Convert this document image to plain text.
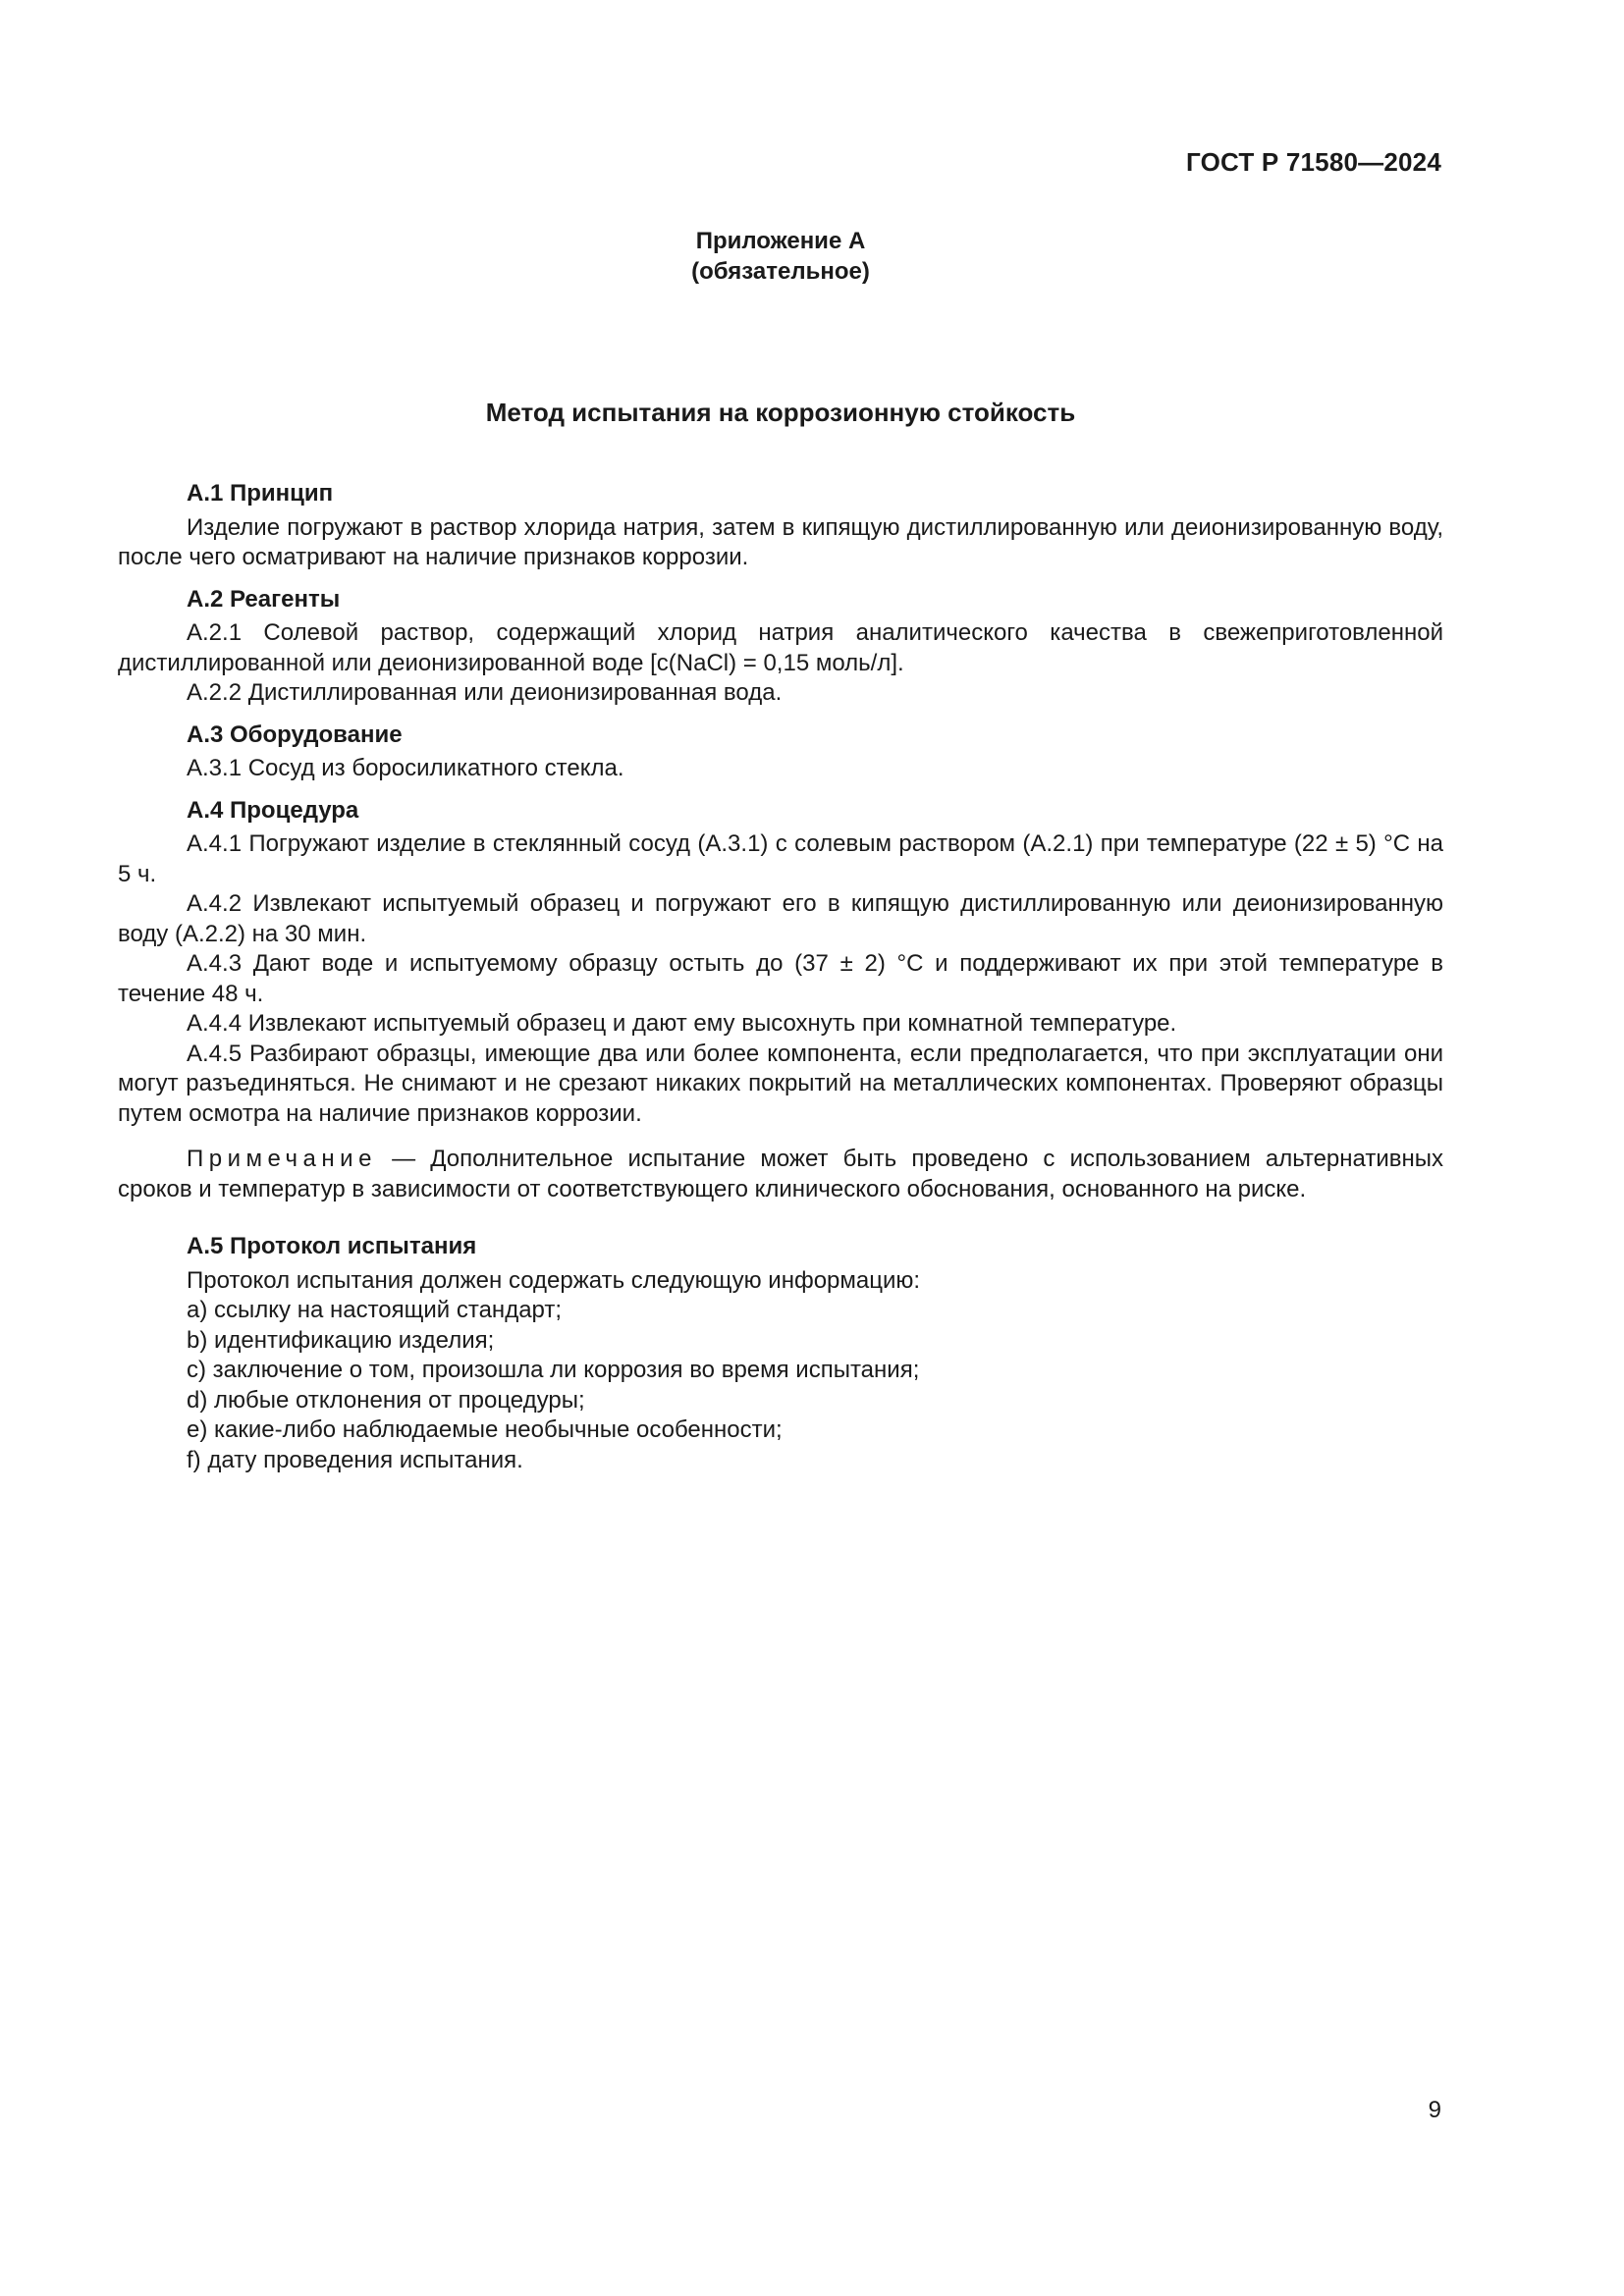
ГОСТ Р 71580—2024
Приложение А
(обязательное)
Метод испытания на коррозионную стойкость
А.1 Принцип

Изделие погружают в раствор хлорида натрия, затем в кипящую дистиллированную или деионизированную воду, после чего осматривают на наличие признаков коррозии.

А.2 Реагенты

А.2.1 Солевой раствор, содержащий хлорид натрия аналитического качества в свежеприготовленной дистиллированной или деионизированной воде [c(NaCl) = 0,15 моль/л].

А.2.2 Дистиллированная или деионизированная вода.

А.3 Оборудование

А.3.1 Сосуд из боросиликатного стекла.

А.4 Процедура

А.4.1 Погружают изделие в стеклянный сосуд (А.3.1) с солевым раствором (А.2.1) при температуре (22 ± 5) °С на 5 ч.

А.4.2 Извлекают испытуемый образец и погружают его в кипящую дистиллированную или деионизированную воду (А.2.2) на 30 мин.

А.4.3 Дают воде и испытуемому образцу остыть до (37 ± 2) °С и поддерживают их при этой температуре в течение 48 ч.

А.4.4 Извлекают испытуемый образец и дают ему высохнуть при комнатной температуре.

А.4.5 Разбирают образцы, имеющие два или более компонента, если предполагается, что при эксплуатации они могут разъединяться. Не снимают и не срезают никаких покрытий на металлических компонентах. Проверяют образцы путем осмотра на наличие признаков коррозии.

Примечание — Дополнительное испытание может быть проведено с использованием альтернативных сроков и температур в зависимости от соответствующего клинического обоснования, основанного на риске.

А.5 Протокол испытания
Протокол испытания должен содержать следующую информацию:
a) ссылку на настоящий стандарт;
b) идентификацию изделия;
c) заключение о том, произошла ли коррозия во время испытания;
d) любые отклонения от процедуры;
e) какие-либо наблюдаемые необычные особенности;
f) дату проведения испытания.
9
